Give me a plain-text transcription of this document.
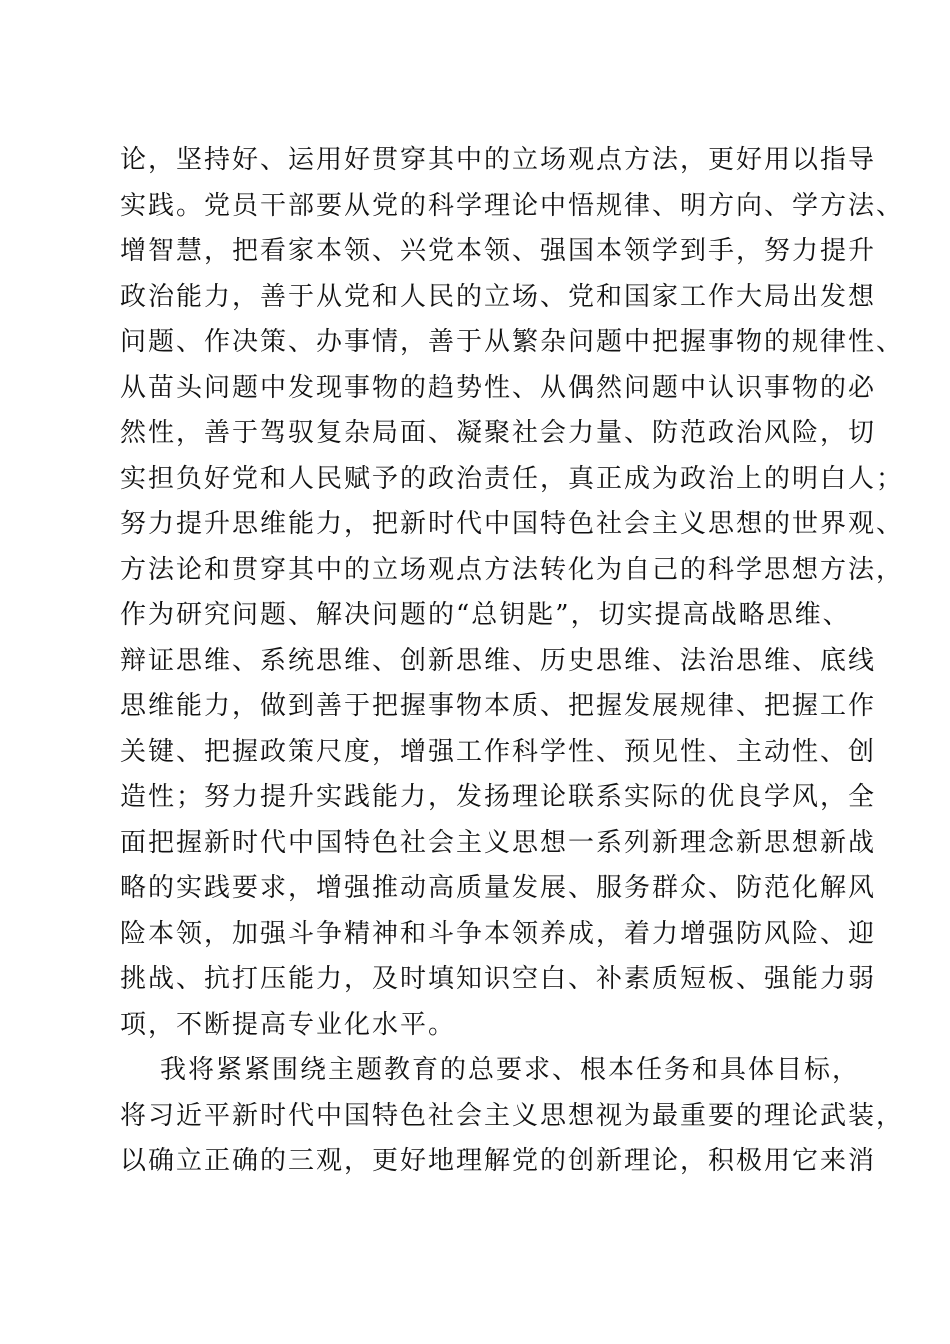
论，坚持好、运用好贯穿其中的立场观点方法，更好用以指导
实践。党员干部要从党的科学理论中悟规律、明方向、学方法、
增智慧，把看家本领、兴党本领、强国本领学到手，努力提升
政治能力，善于从党和人民的立场、党和国家工作大局出发想
问题、作决策、办事情，善于从繁杂问题中把握事物的规律性、
从苗头问题中发现事物的趋势性、从偶然问题中认识事物的必
然性，善于驾驭复杂局面、凝聚社会力量、防范政治风险，切
实担负好党和人民赋予的政治责任，真正成为政治上的明白人；
努力提升思维能力，把新时代中国特色社会主义思想的世界观、
方法论和贯穿其中的立场观点方法转化为自己的科学思想方法，
作为研究问题、解决问题的“总钥匙”，切实提高战略思维、
辩证思维、系统思维、创新思维、历史思维、法治思维、底线
思维能力，做到善于把握事物本质、把握发展规律、把握工作
关键、把握政策尺度，增强工作科学性、预见性、主动性、创
造性；努力提升实践能力，发扬理论联系实际的优良学风，全
面把握新时代中国特色社会主义思想一系列新理念新思想新战
略的实践要求，增强推动高质量发展、服务群众、防范化解风
险本领，加强斗争精神和斗争本领养成，着力增强防风险、迎
挑战、抗打压能力，及时填知识空白、补素质短板、强能力弱
项，不断提高专业化水平。
我将紧紧围绕主题教育的总要求、根本任务和具体目标，
将习近平新时代中国特色社会主义思想视为最重要的理论武装，
以确立正确的三观，更好地理解党的创新理论，积极用它来消
